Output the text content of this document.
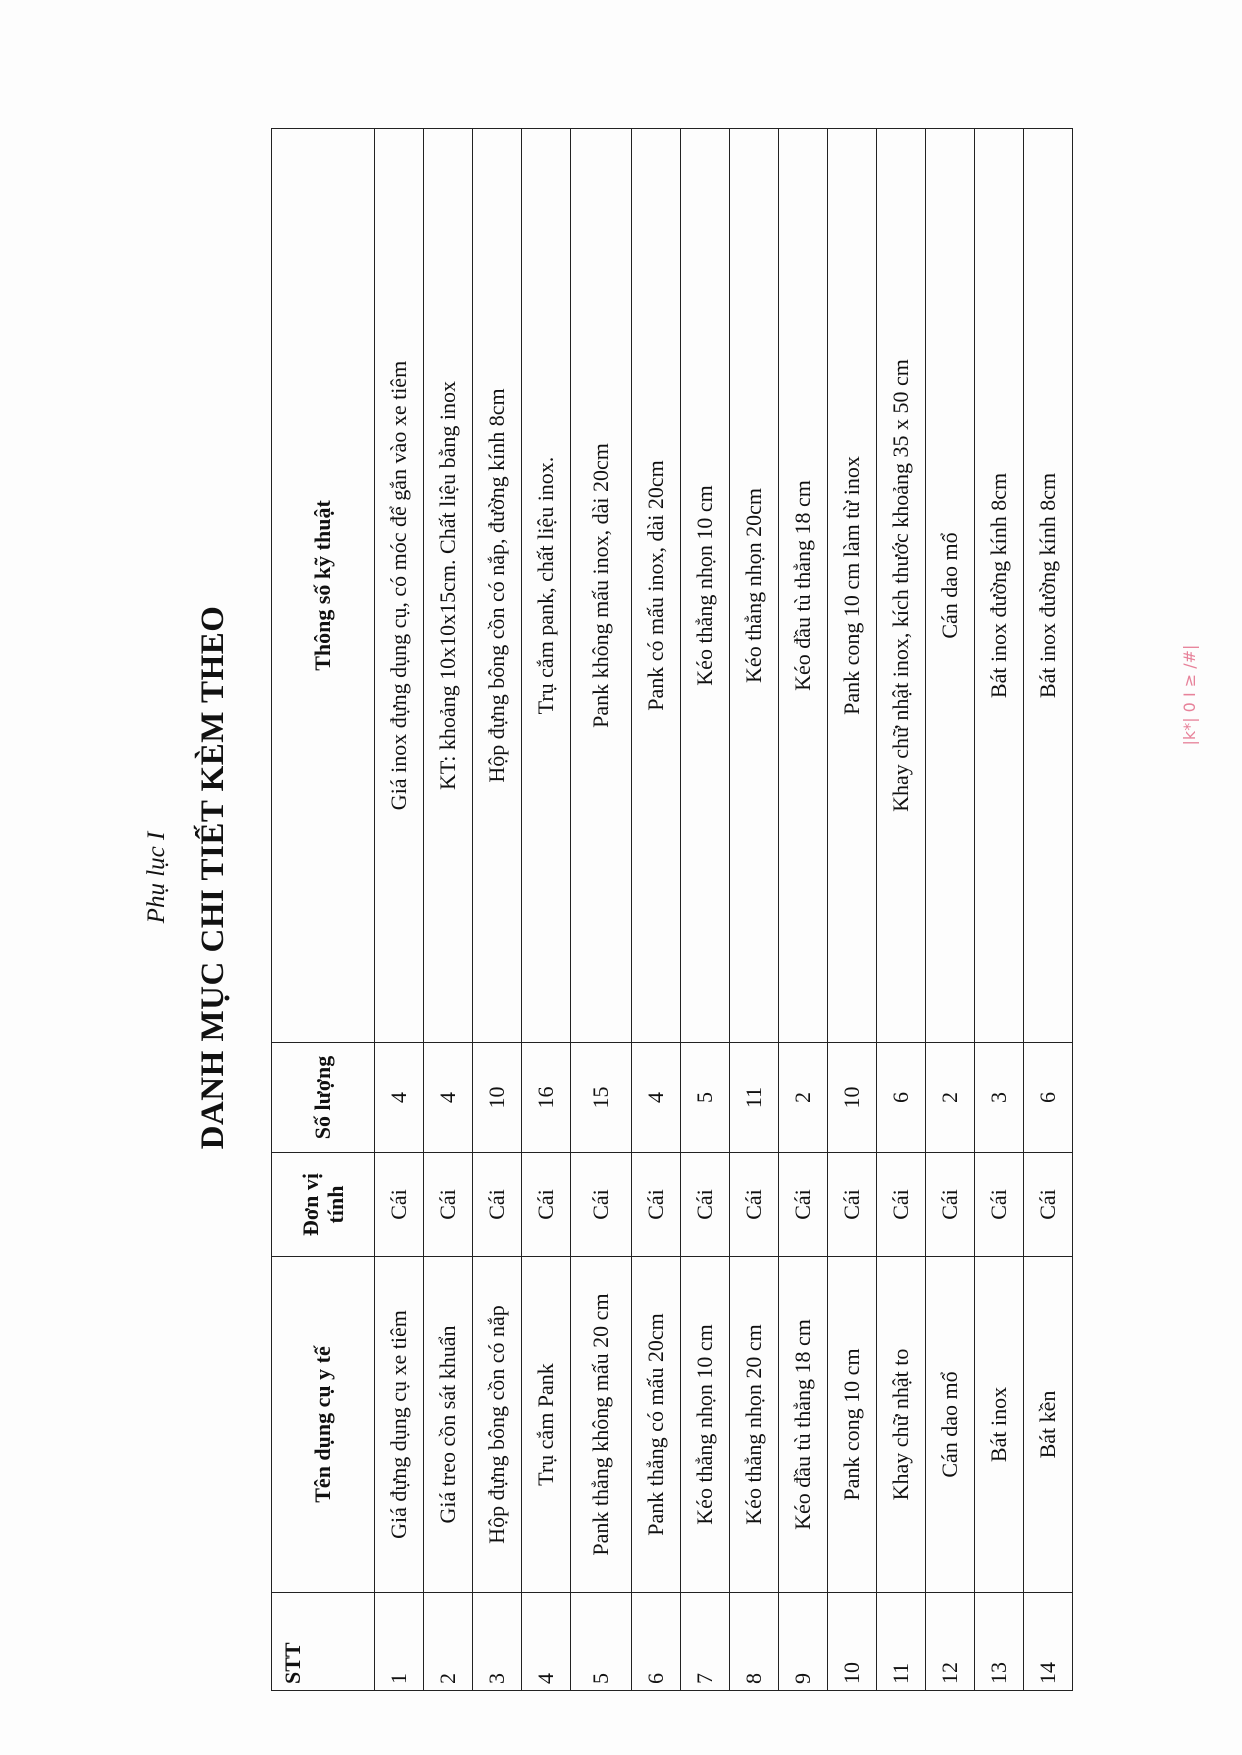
Phụ lục I DANH MỤC CHI TIẾT KÈM THEO
STT	Tên dụng cụ y tế	Đơn vị tính	Số lượng	Thông số kỹ thuật
1	Giá đựng dụng cụ xe tiêm	Cái	4	Giá inox đựng dụng cụ, có móc để gắn vào xe tiêm
2	Giá treo cồn sát khuẩn	Cái	4	KT: khoảng 10x10x15cm. Chất liệu bằng inox
3	Hộp đựng bông cồn có nắp	Cái	10	Hộp đựng bông cồn có nắp, đường kính 8cm
4	Trụ cắm Pank	Cái	16	Trụ cắm pank, chất liệu inox.
5	Pank thẳng không mấu 20 cm	Cái	15	Pank không mấu inox, dài 20cm
6	Pank thẳng có mấu 20cm	Cái	4	Pank có mấu inox, dài 20cm
7	Kéo thẳng nhọn 10 cm	Cái	5	Kéo thẳng nhọn 10 cm
8	Kéo thẳng nhọn 20 cm	Cái	11	Kéo thẳng nhọn 20cm
9	Kéo đầu tù thẳng 18 cm	Cái	2	Kéo đầu tù thẳng 18 cm
10	Pank cong 10 cm	Cái	10	Pank cong 10 cm làm từ inox
11	Khay chữ nhật to	Cái	6	Khay chữ nhật inox, kích thước khoảng 35 x 50 cm
12	Cán dao mổ	Cái	2	Cán dao mổ
13	Bát inox	Cái	3	Bát inox đường kính 8cm
14	Bát kền	Cái	6	Bát inox đường kính 8cm	|k*| 0 I ≥ /#|
